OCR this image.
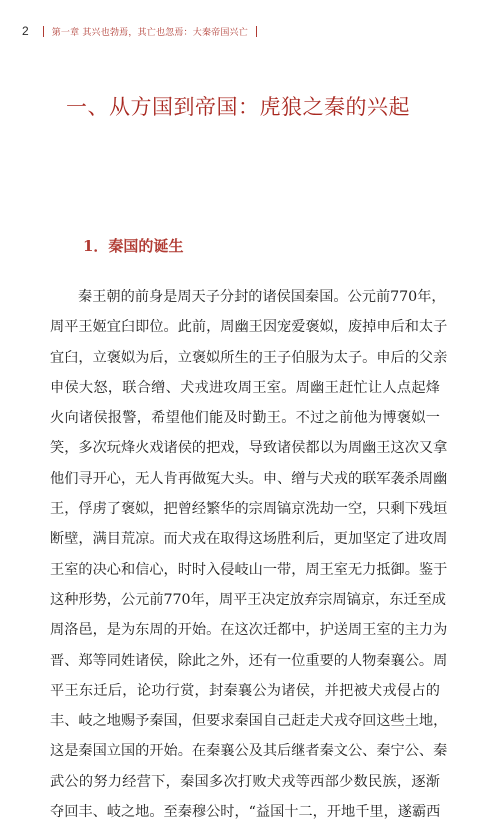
2	第一章 其兴也勃焉，其亡也忽焉：大秦帝国兴亡
一、从方国到帝国：虎狼之秦的兴起
1．秦国的诞生
秦王朝的前身是周天子分封的诸侯国秦国。公元前770年，
周平王姬宜臼即位。此前，周幽王因宠爱褒姒，废掉申后和太子
宜臼，立褒姒为后，立褒姒所生的王子伯服为太子。申后的父亲
申侯大怒，联合缯、犬戎进攻周王室。周幽王赶忙让人点起烽
火向诸侯报警，希望他们能及时勤王。不过之前他为博褒姒一
笑，多次玩烽火戏诸侯的把戏，导致诸侯都以为周幽王这次又拿
他们寻开心，无人肯再做冤大头。申、缯与犬戎的联军袭杀周幽
王，俘虏了褒姒，把曾经繁华的宗周镐京洗劫一空，只剩下残垣
断壁，满目荒凉。而犬戎在取得这场胜利后，更加坚定了进攻周
王室的决心和信心，时时入侵岐山一带，周王室无力抵御。鉴于
这种形势，公元前770年，周平王决定放弃宗周镐京，东迁至成
周洛邑，是为东周的开始。在这次迁都中，护送周王室的主力为
晋、郑等同姓诸侯，除此之外，还有一位重要的人物秦襄公。周
平王东迁后，论功行赏，封秦襄公为诸侯，并把被犬戎侵占的
丰、岐之地赐予秦国，但要求秦国自己赶走犬戎夺回这些土地，
这是秦国立国的开始。在秦襄公及其后继者秦文公、秦宁公、秦
武公的努力经营下，秦国多次打败犬戎等西部少数民族，逐渐
夺回丰、岐之地。至秦穆公时，“益国十二，开地千里，遂霸西
